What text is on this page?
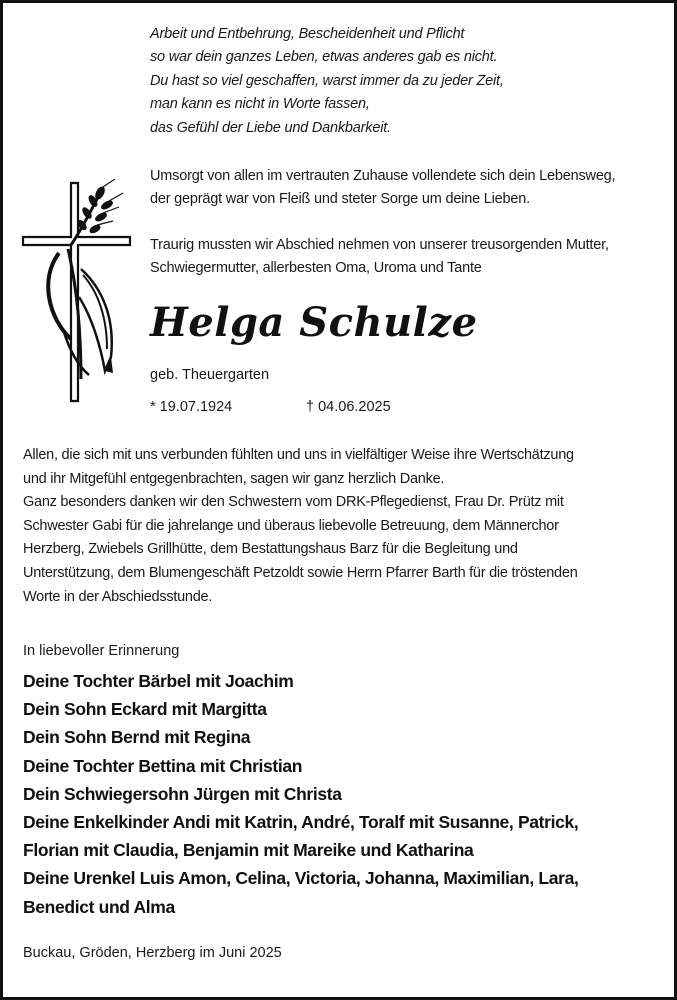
Arbeit und Entbehrung, Bescheidenheit und Pflicht
so war dein ganzes Leben, etwas anderes gab es nicht.
Du hast so viel geschaffen, warst immer da zu jeder Zeit,
man kann es nicht in Worte fassen,
das Gefühl der Liebe und Dankbarkeit.
Umsorgt von allen im vertrauten Zuhause vollendete sich dein Lebensweg,
der geprägt war von Fleiß und steter Sorge um deine Lieben.
Traurig mussten wir Abschied nehmen von unserer treusorgenden Mutter,
Schwiegermutter, allerbesten Oma, Uroma und Tante
Helga Schulze
geb. Theuergarten
* 19.07.1924	† 04.06.2025
Allen, die sich mit uns verbunden fühlten und uns in vielfältiger Weise ihre Wertschätzung
und ihr Mitgefühl entgegenbrachten, sagen wir ganz herzlich Danke.
Ganz besonders danken wir den Schwestern vom DRK-Pflegedienst, Frau Dr. Prütz mit
Schwester Gabi für die jahrelange und überaus liebevolle Betreuung, dem Männerchor
Herzberg, Zwiebels Grillhütte, dem Bestattungshaus Barz für die Begleitung und
Unterstützung, dem Blumengeschäft Petzoldt sowie Herrn Pfarrer Barth für die tröstenden
Worte in der Abschiedsstunde.
In liebevoller Erinnerung
Deine Tochter Bärbel mit Joachim
Dein Sohn Eckard mit Margitta
Dein Sohn Bernd mit Regina
Deine Tochter Bettina mit Christian
Dein Schwiegersohn Jürgen mit Christa
Deine Enkelkinder Andi mit Katrin, André, Toralf mit Susanne, Patrick,
Florian mit Claudia, Benjamin mit Mareike und Katharina
Deine Urenkel Luis Amon, Celina, Victoria, Johanna, Maximilian, Lara,
Benedict und Alma
Buckau, Gröden, Herzberg im Juni 2025
